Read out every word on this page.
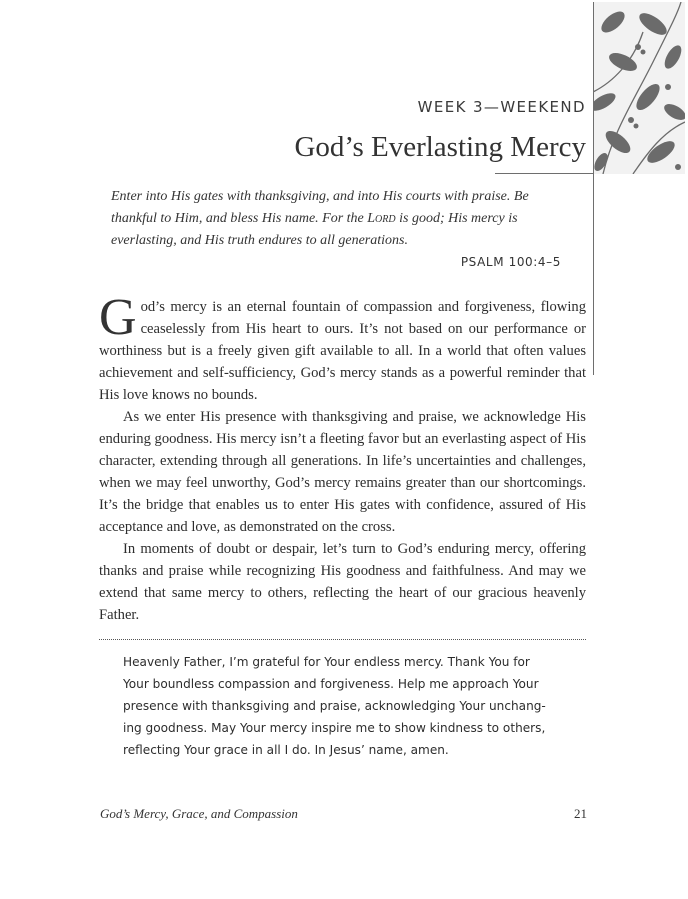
WEEK 3—WEEKEND
God’s Everlasting Mercy
Enter into His gates with thanksgiving, and into His courts with praise. Be thankful to Him, and bless His name. For the Lord is good; His mercy is everlasting, and His truth endures to all generations.
PSALM 100:4–5

God’s mercy is an eternal fountain of compassion and forgiveness, flowing ceaselessly from His heart to ours. It’s not based on our performance or worthiness but is a freely given gift available to all. In a world that often values achievement and self-sufficiency, God’s mercy stands as a powerful reminder that His love knows no bounds.

As we enter His presence with thanksgiving and praise, we acknowledge His enduring goodness. His mercy isn’t a fleeting favor but an everlasting aspect of His character, extending through all generations. In life’s uncertainties and challenges, when we may feel unworthy, God’s mercy remains greater than our shortcomings. It’s the bridge that enables us to enter His gates with confidence, assured of His acceptance and love, as demonstrated on the cross.

In moments of doubt or despair, let’s turn to God’s enduring mercy, offering thanks and praise while recognizing His goodness and faithfulness. And may we extend that same mercy to others, reflecting the heart of our gracious heavenly Father.

Heavenly Father, I’m grateful for Your endless mercy. Thank You for
Your boundless compassion and forgiveness. Help me approach Your
presence with thanksgiving and praise, acknowledging Your unchang-
ing goodness. May Your mercy inspire me to show kindness to others,
reflecting Your grace in all I do. In Jesus’ name, amen.
God’s Mercy, Grace, and Compassion	21
